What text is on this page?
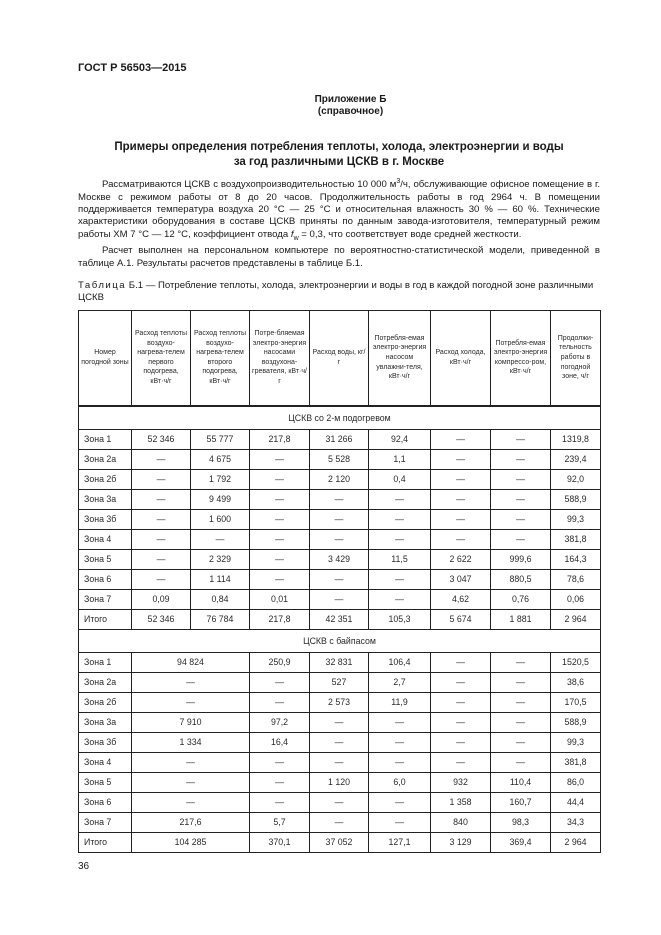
ГОСТ Р 56503—2015
Приложение Б
(справочное)
Примеры определения потребления теплоты, холода, электроэнергии и воды
за год различными ЦСКВ в г. Москве

   Рассматриваются ЦСКВ с воздухопроизводительностью 10 000 $м^3/ч$, обслуживающие офисное помещение в г. Москве с режимом работы от 8 до 20 часов. Продолжительность работы в год 2964 ч. В помещении поддерживается температура воздуха 20 °С — 25 °С и относительная влажность 30 % — 60 %. Технические характеристики оборудования в составе ЦСКВ приняты по данным завода-изготовителя, температурный режим работы ХМ 7 °С — 12 °С, коэффициент отвода $f_w = 0,3$, что соответствует воде средней жесткости.

   Расчет выполнен на персональном компьютере по вероятностно-статистической модели, приведенной в таблице А.1. Результаты расчетов представлены в таблице Б.1.

Таблица Б.1 — Потребление теплоты, холода, электроэнергии и воды в год в каждой погодной зоне различными ЦСКВ
Номер погодной зоны	Расход теплоты воздухо-нагрева-телем первого подогрева, кВт·ч/г	Расход теплоты воздухо-нагрева-телем второго подогрева, кВт·ч/г	Потре-бляемая электро-энергия насосами воздухона-гревателя, кВт·ч/г	Расход воды, кг/г	Потребля-емая электро-энергия насосом увлажни-теля, кВт·ч/г	Расход холода, кВт·ч/г	Потребля-емая электро-энергия компрессо-ром, кВт·ч/г	Продолжи-тельность работы в погодной зоне, ч/г
ЦСКВ со 2-м подогревом								
Зона 1	52 346	55 777	217,8	31 266	92,4	—	—	1319,8
Зона 2а	—	4 675	—	5 528	1,1	—	—	239,4
Зона 2б	—	1 792	—	2 120	0,4	—	—	92,0
Зона 3а	—	9 499	—	—	—	—	—	588,9
Зона 3б	—	1 600	—	—	—	—	—	99,3
Зона 4	—	—	—	—	—	—	—	381,8
Зона 5	—	2 329	—	3 429	11,5	2 622	999,6	164,3
Зона 6	—	1 114	—	—	—	3 047	880,5	78,6
Зона 7	0,09	0,84	0,01	—	—	4,62	0,76	0,06
Итого	52 346	76 784	217,8	42 351	105,3	5 674	1 881	2 964
ЦСКВ с байпасом								
Зона 1	94 824		250,9	32 831	106,4	—	—	1520,5
Зона 2а	—		—	527	2,7	—	—	38,6
Зона 2б	—		—	2 573	11,9	—	—	170,5
Зона 3а	7 910		97,2	—	—	—	—	588,9
Зона 3б	1 334		16,4	—	—	—	—	99,3
Зона 4	—		—	—	—	—	—	381,8
Зона 5	—		—	1 120	6,0	932	110,4	86,0
Зона 6	—		—	—	—	1 358	160,7	44,4
Зона 7	217,6		5,7	—	—	840	98,3	34,3
Итого	104 285		370,1	37 052	127,1	3 129	369,4	2 964
36
